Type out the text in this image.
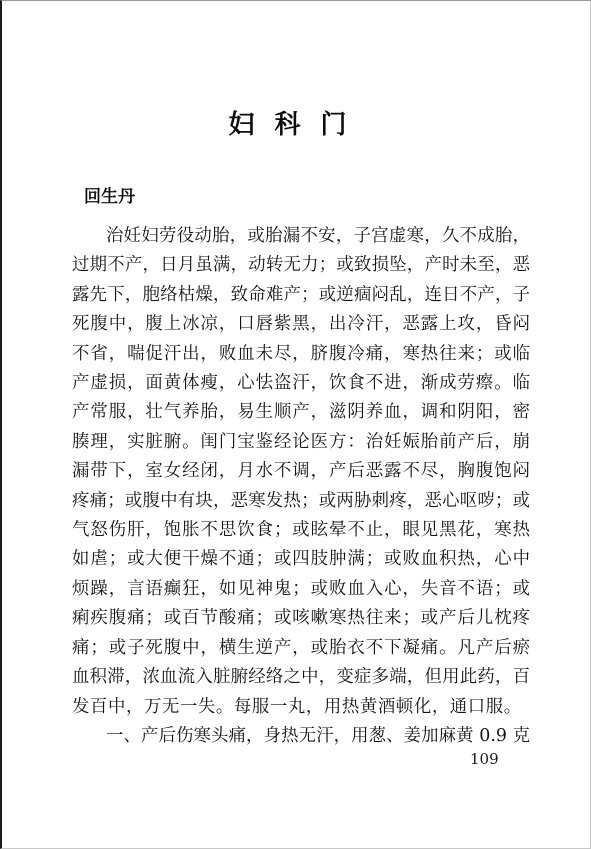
妇科门
回生丹
治妊妇劳役动胎，或胎漏不安，子宫虚寒，久不成胎，
过期不产，日月虽满，动转无力；或致损坠，产时未至，恶
露先下，胞络枯燥，致命难产；或逆痼闷乱，连日不产，子
死腹中，腹上冰凉，口唇紫黑，出冷汗，恶露上攻，昏闷
不省，喘促汗出，败血未尽，脐腹冷痛，寒热往来；或临
产虚损，面黄体瘦，心怯盗汗，饮食不进，渐成劳瘵。临
产常服，壮气养胎，易生顺产，滋阴养血，调和阴阳，密
腠理，实脏腑。闺门宝鉴经论医方：治妊娠胎前产后，崩
漏带下，室女经闭，月水不调，产后恶露不尽，胸腹饱闷
疼痛；或腹中有块，恶寒发热；或两胁刺疼，恶心呕哕；或
气怒伤肝，饱胀不思饮食；或眩晕不止，眼见黑花，寒热
如虐；或大便干燥不通；或四肢肿满；或败血积热，心中
烦躁，言语癫狂，如见神鬼；或败血入心，失音不语；或
痢疾腹痛；或百节酸痛；或咳嗽寒热往来；或产后儿枕疼
痛；或子死腹中，横生逆产，或胎衣不下凝痛。凡产后瘀
血积滞，浓血流入脏腑经络之中，变症多端，但用此药，百
发百中，万无一失。每服一丸，用热黄酒顿化，通口服。
一、产后伤寒头痛，身热无汗，用葱、姜加麻黄 0.9 克
109
